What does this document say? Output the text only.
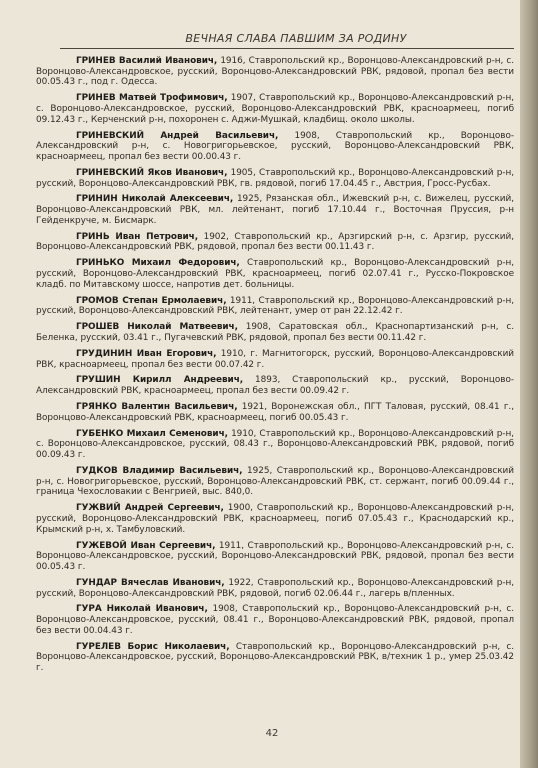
ВЕЧНАЯ СЛАВА ПАВШИМ ЗА РОДИНУ

ГРИНЕВ Василий Иванович, 1916, Ставропольский кр., Воронцово-Александровский р-н, с. Воронцово-Александровское, русский, Воронцово-Александровский РВК, рядовой, пропал без вести 00.05.43 г., под г. Одесса.

ГРИНЕВ Матвей Трофимович, 1907, Ставропольский кр., Воронцово-Александровский р-н, с. Воронцово-Александровское, русский, Воронцово-Александровский РВК, красноармеец, погиб 09.12.43 г., Керченский р-н, похоронен с. Аджи-Мушкай, кладбищ. около школы.

ГРИНЕВСКИЙ Андрей Васильевич, 1908, Ставропольский кр., Воронцово-Александровский р-н, с. Новогригорьевское, русский, Воронцово-Александровский РВК, красноармеец, пропал без вести 00.00.43 г.

ГРИНЕВСКИЙ Яков Иванович, 1905, Ставропольский кр., Воронцово-Александровский р-н, русский, Воронцово-Александровский РВК, гв. рядовой, погиб 17.04.45 г., Австрия, Гросс-Русбах.

ГРИНИН Николай Алексеевич, 1925, Рязанская обл., Ижевский р-н, с. Вижелец, русский, Воронцово-Александровский РВК, мл. лейтенант, погиб 17.10.44 г., Восточная Пруссия, р-н Гейденкруче, м. Бисмарк.

ГРИНЬ Иван Петрович, 1902, Ставропольский кр., Арзгирский р-н, с. Арзгир, русский, Воронцово-Александровский РВК, рядовой, пропал без вести 00.11.43 г.

ГРИНЬКО Михаил Федорович, Ставропольский кр., Воронцово-Александровский р-н, русский, Воронцово-Александровский РВК, красноармеец, погиб 02.07.41 г., Русско-Покровское кладб. по Митавскому шоссе, напротив дет. больницы.

ГРОМОВ Степан Ермолаевич, 1911, Ставропольский кр., Воронцово-Александровский р-н, русский, Воронцово-Александровский РВК, лейтенант, умер от ран 22.12.42 г.

ГРОШЕВ Николай Матвеевич, 1908, Саратовская обл., Краснопартизанский р-н, с. Беленка, русский, 03.41 г., Пугачевский РВК, рядовой, пропал без вести 00.11.42 г.

ГРУДИНИН Иван Егорович, 1910, г. Магнитогорск, русский, Воронцово-Александровский РВК, красноармеец, пропал без вести 00.07.42 г.

ГРУШИН Кирилл Андреевич, 1893, Ставропольский кр., русский, Воронцово-Александровский РВК, красноармеец, пропал без вести 00.09.42 г.

ГРЯНКО Валентин Васильевич, 1921, Воронежская обл., ПГТ Таловая, русский, 08.41 г., Воронцово-Александровский РВК, красноармеец, погиб 00.05.43 г.

ГУБЕНКО Михаил Семенович, 1910, Ставропольский кр., Воронцово-Александровский р-н, с. Воронцово-Александровское, русский, 08.43 г., Воронцово-Александровский РВК, рядовой, погиб 00.09.43 г.

ГУДКОВ Владимир Васильевич, 1925, Ставропольский кр., Воронцово-Александровский р-н, с. Новогригорьевское, русский, Воронцово-Александровский РВК, ст. сержант, погиб 00.09.44 г., граница Чехословакии с Венгрией, выс. 840,0.

ГУЖВИЙ Андрей Сергеевич, 1900, Ставропольский кр., Воронцово-Александровский р-н, русский, Воронцово-Александровский РВК, красноармеец, погиб 07.05.43 г., Краснодарский кр., Крымский р-н, х. Тамбуловский.

ГУЖЕВОЙ Иван Сергеевич, 1911, Ставропольский кр., Воронцово-Александровский р-н, с. Воронцово-Александровское, русский, Воронцово-Александровский РВК, рядовой, пропал без вести 00.05.43 г.

ГУНДАР Вячеслав Иванович, 1922, Ставропольский кр., Воронцово-Александровский р-н, русский, Воронцово-Александровский РВК, рядовой, погиб 02.06.44 г., лагерь в/пленных.

ГУРА Николай Иванович, 1908, Ставропольский кр., Воронцово-Александровский р-н, с. Воронцово-Александровское, русский, 08.41 г., Воронцово-Александровский РВК, рядовой, пропал без вести 00.04.43 г.

ГУРЕЛЕВ Борис Николаевич, Ставропольский кр., Воронцово-Александровский р-н, с. Воронцово-Александровское, русский, Воронцово-Александровский РВК, в/техник 1 р., умер 25.03.42 г.

42
